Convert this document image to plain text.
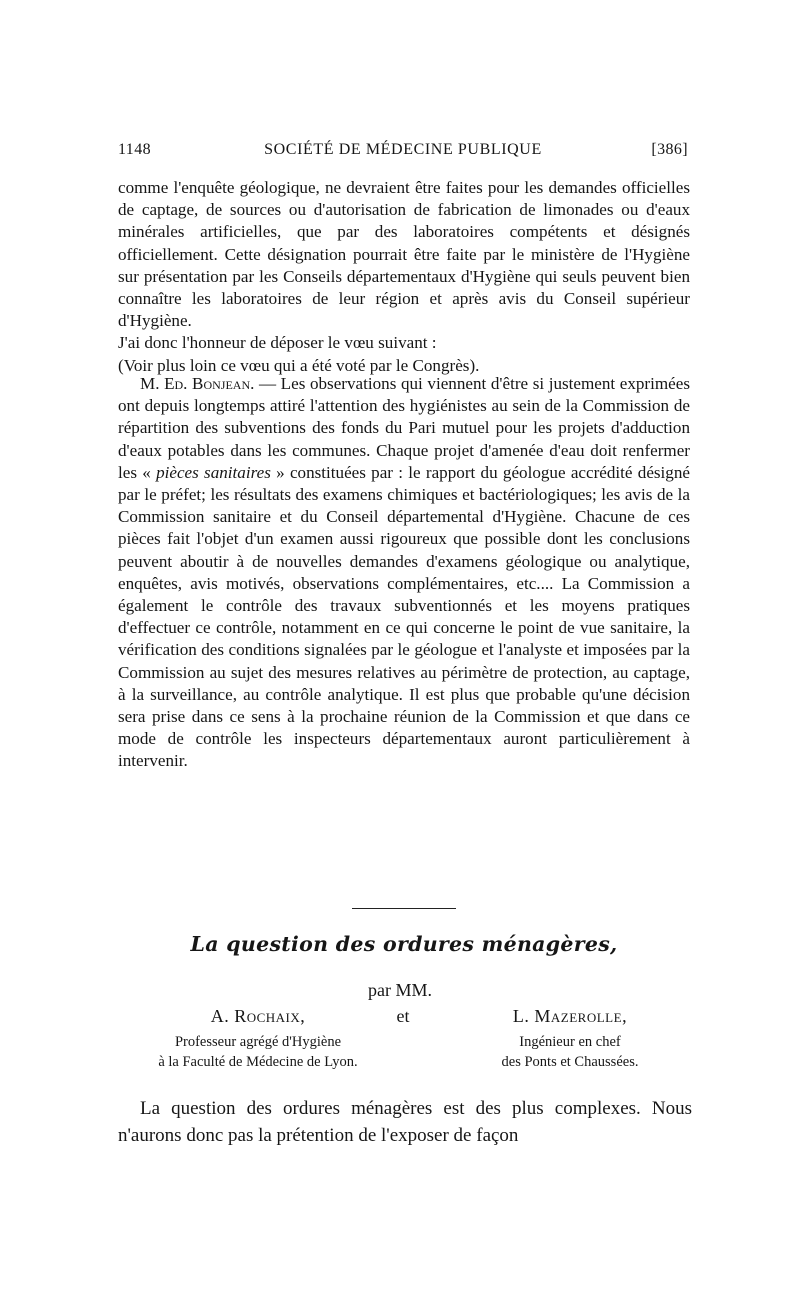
1148	SOCIÉTÉ DE MÉDECINE PUBLIQUE	[386]
comme l'enquête géologique, ne devraient être faites pour les demandes officielles de captage, de sources ou d'autorisation de fabrication de limonades ou d'eaux minérales artificielles, que par des laboratoires compétents et désignés officiellement. Cette désignation pourrait être faite par le ministère de l'Hygiène sur présentation par les Conseils départementaux d'Hygiène qui seuls peuvent bien connaître les laboratoires de leur région et après avis du Conseil supérieur d'Hygiène.
J'ai donc l'honneur de déposer le vœu suivant :
(Voir plus loin ce vœu qui a été voté par le Congrès).
M. Ed. Bonjean. — Les observations qui viennent d'être si justement exprimées ont depuis longtemps attiré l'attention des hygiénistes au sein de la Commission de répartition des subventions des fonds du Pari mutuel pour les projets d'adduction d'eaux potables dans les communes. Chaque projet d'amenée d'eau doit renfermer les « pièces sanitaires » constituées par : le rapport du géologue accrédité désigné par le préfet; les résultats des examens chimiques et bactériologiques; les avis de la Commission sanitaire et du Conseil départemental d'Hygiène. Chacune de ces pièces fait l'objet d'un examen aussi rigoureux que possible dont les conclusions peuvent aboutir à de nouvelles demandes d'examens géologique ou analytique, enquêtes, avis motivés, observations complémentaires, etc.... La Commission a également le contrôle des travaux subventionnés et les moyens pratiques d'effectuer ce contrôle, notamment en ce qui concerne le point de vue sanitaire, la vérification des conditions signalées par le géologue et l'analyste et imposées par la Commission au sujet des mesures relatives au périmètre de protection, au captage, à la surveillance, au contrôle analytique. Il est plus que probable qu'une décision sera prise dans ce sens à la prochaine réunion de la Commission et que dans ce mode de contrôle les inspecteurs départementaux auront particulièrement à intervenir.
La question des ordures ménagères,
par MM.
A. Rochaix,
Professeur agrégé d'Hygiène
à la Faculté de Médecine de Lyon.
et	L. Mazerolle,
Ingénieur en chef
des Ponts et Chaussées.
La question des ordures ménagères est des plus complexes. Nous n'aurons donc pas la prétention de l'exposer de façon
